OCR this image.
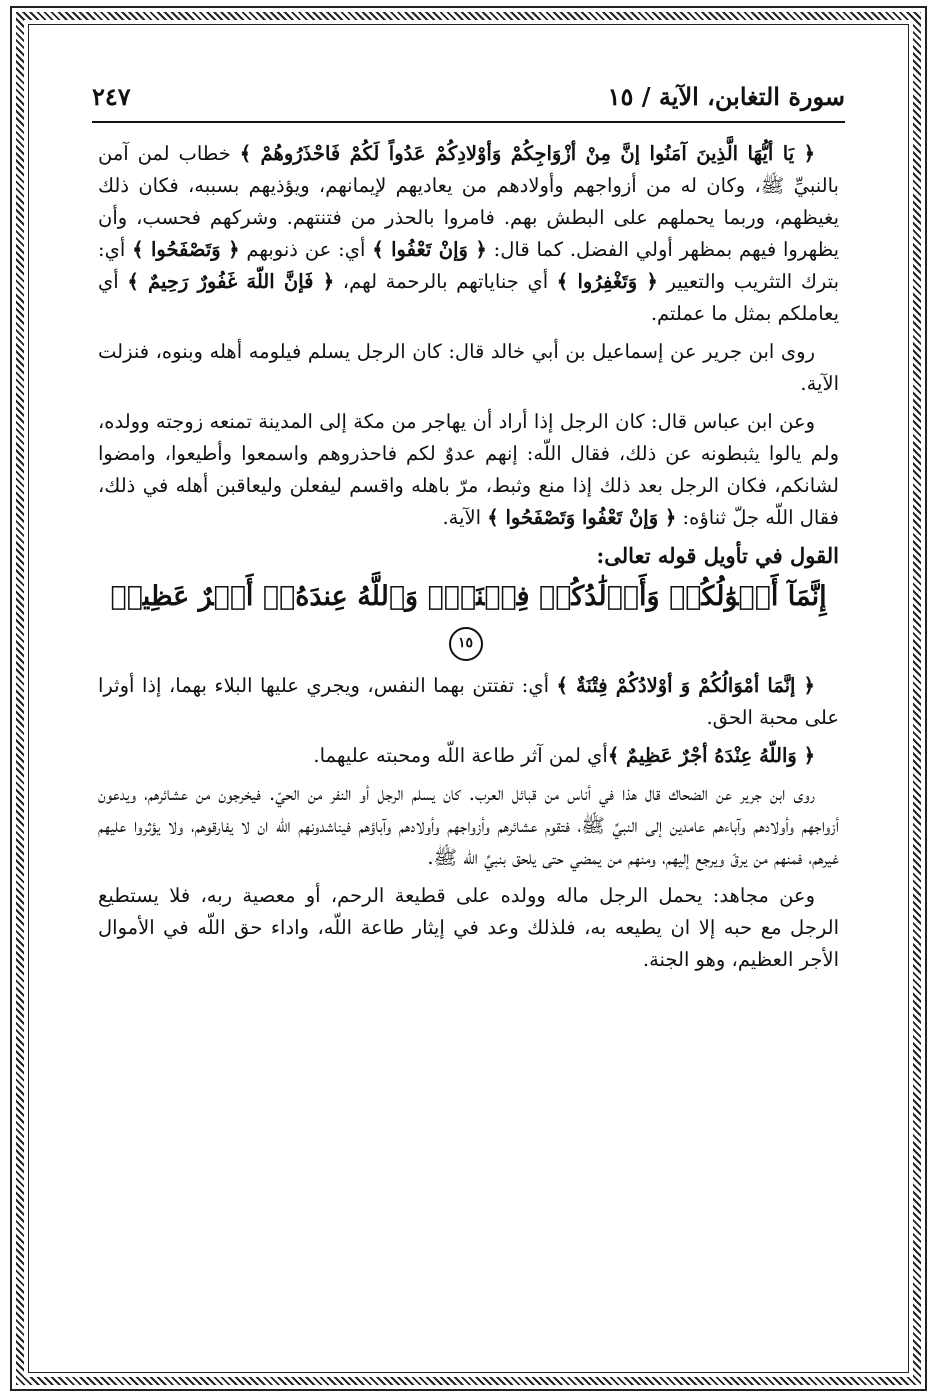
٢٤٧	سورة التغابن، الآية / ١٥

﴿ يَا أيُّهَا الَّذِينَ آمَنُوا إنَّ مِنْ أزْوَاجِكُمْ وَأوْلادِكُمْ عَدُواً لَكُمْ فَاحْذَرُوهُمْ ﴾ خطاب لمن آمن بالنبيِّ ﷺ، وكان له من أزواجهم وأولادهم من يعاديهم لإيمانهم، ويؤذيهم بسببه، فكان ذلك يغيظهم، وربما يحملهم على البطش بهم. فامروا بالحذر من فتنتهم. وشركهم فحسب، وأن يظهروا فيهم بمظهر أولي الفضل. كما قال: ﴿ وَإنْ تَعْفُوا ﴾ أي: عن ذنوبهم ﴿ وَتَصْفَحُوا ﴾ أي: بترك التثريب والتعيير ﴿ وَتَغْفِرُوا ﴾ أي جناياتهم بالرحمة لهم، ﴿ فَإنَّ اللّهَ غَفُورٌ رَحِيمٌ ﴾ أي يعاملكم بمثل ما عملتم.

روى ابن جرير عن إسماعيل بن أبي خالد قال: كان الرجل يسلم فيلومه أهله وبنوه، فنزلت الآية.

وعن ابن عباس قال: كان الرجل إذا أراد أن يهاجر من مكة إلى المدينة تمنعه زوجته وولده، ولم يالوا يثبطونه عن ذلك، فقال اللّه: إنهم عدوٌ لكم فاحذروهم واسمعوا وأطيعوا، وامضوا لشانكم، فكان الرجل بعد ذلك إذا منع وثبط، مرّ باهله واقسم ليفعلن وليعاقبن أهله في ذلك، فقال اللّه جلّ ثناؤه: ﴿ وَإنْ تَعْفُوا وَتَصْفَحُوا ﴾ الآية.

القول في تأويل قوله تعالى:
إِنَّمَآ أَمۡوَٰلُكُمۡ وَأَوۡلَٰدُكُمۡ فِتۡنَةٞۚ وَٱللَّهُ عِندَهُۥٓ أَجۡرٌ عَظِيمٞ ١٥

﴿ إنَّمَا أمْوَالُكُمْ وَ أوْلادُكُمْ فِتْنَةٌ ﴾ أي: تفتتن بهما النفس، ويجري عليها البلاء بهما، إذا أوثرا على محبة الحق.

﴿ وَاللّهُ عِنْدَهُ أجْرٌ عَظِيمٌ ﴾أي لمن آثر طاعة اللّه ومحبته عليهما.

روى ابن جرير عن الضحاك قال هذا في أناس من قبائل العرب. كان يسلم الرجل أو النفر من الحيّ. فيخرجون من عشائرهم، ويدعون أزواجهم وأولادهم وآباءهم عامدين إلى النبيِّ ﷺ، فتقوم عشائرهم وأزواجهم وأولادهم وآباؤهم فيناشدونهم اللّه ان لا يفارقوهم، ولا يؤثروا عليهم غيرهم، فمنهم من يرقّ ويرجع إليهم، ومنهم من يمضي حتى يلحق بنبيِّ اللّه ﷺ.

وعن مجاهد: يحمل الرجل ماله وولده على قطيعة الرحم، أو معصية ربه، فلا يستطيع الرجل مع حبه إلا ان يطيعه به، فلذلك وعد في إيثار طاعة اللّه، واداء حق اللّه في الأموال الأجر العظيم، وهو الجنة.
